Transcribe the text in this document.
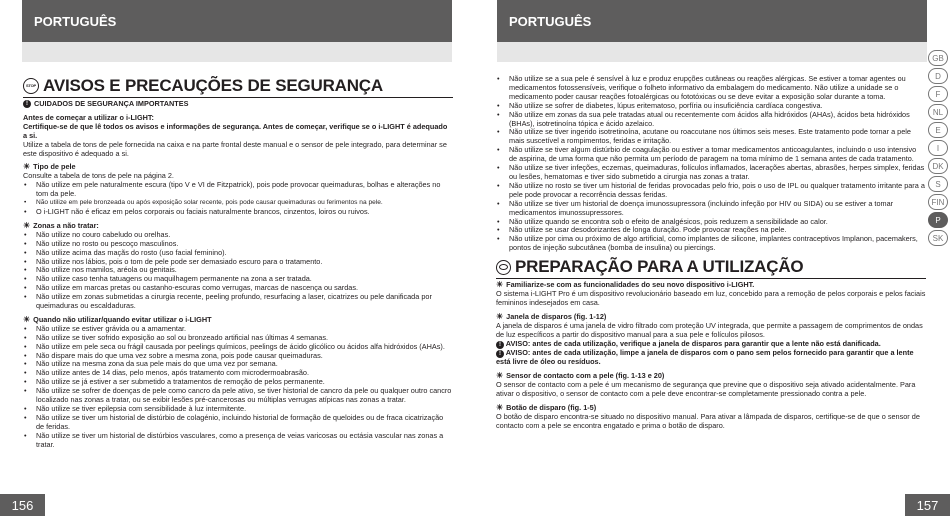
PORTUGUÊS
STOP AVISOS E PRECAUÇÕES DE SEGURANÇA
! CUIDADOS DE SEGURANÇA IMPORTANTES
Antes de começar a utilizar o i-LIGHT:
Certifique-se de que lê todos os avisos e informações de segurança. Antes de começar, verifique se o i-LIGHT é adequado a si.
Utilize a tabela de tons de pele fornecida na caixa e na parte frontal deste manual e o sensor de pele integrado, para determinar se este dispositivo é adequado a si.
☀ Tipo de pele
Consulte a tabela de tons de pele na página 2.
• Não utilize em pele naturalmente escura (tipo V e VI de Fitzpatrick), pois pode provocar queimaduras, bolhas e alterações no tom da pele.
• Não utilize em pele bronzeada ou após exposição solar recente, pois pode causar queimaduras ou ferimentos na pele.
• O i-LIGHT não é eficaz em pelos corporais ou faciais naturalmente brancos, cinzentos, loiros ou ruivos.
☀ Zonas a não tratar:
• Não utilize no couro cabeludo ou orelhas.
• Não utilize no rosto ou pescoço masculinos.
• Não utilize acima das maçãs do rosto (uso facial feminino).
• Não utilize nos lábios, pois o tom de pele pode ser demasiado escuro para o tratamento.
• Não utilize nos mamilos, aréola ou genitais.
• Não utilize caso tenha tatuagens ou maquilhagem permanente na zona a ser tratada.
• Não utilize em marcas pretas ou castanho-escuras como verrugas, marcas de nascença ou sardas.
• Não utilize em zonas submetidas a cirurgia recente, peeling profundo, resurfacing a laser, cicatrizes ou pele danificada por queimaduras ou escaldaduras.
☀ Quando não utilizar/quando evitar utilizar o i-LIGHT
• Não utilize se estiver grávida ou a amamentar.
• Não utilize se tiver sofrido exposição ao sol ou bronzeado artificial nas últimas 4 semanas.
• Não utilize em pele seca ou frágil causada por peelings químicos, peelings de ácido glicólico ou ácidos alfa hidróxidos (AHAs).
• Não dispare mais do que uma vez sobre a mesma zona, pois pode causar queimaduras.
• Não utilize na mesma zona da sua pele mais do que uma vez por semana.
• Não utilize antes de 14 dias, pelo menos, após tratamento com microdermoabrasão.
• Não utilize se já estiver a ser submetido a tratamentos de remoção de pelos permanente.
• Não utilize se sofrer de doenças de pele como cancro da pele ativo, se tiver historial de cancro da pele ou qualquer outro cancro localizado nas zonas a tratar, ou se exibir lesões pré-cancerosas ou múltiplas verrugas atípicas nas zonas a tratar.
• Não utilize se tiver epilepsia com sensibilidade à luz intermitente.
• Não utilize se tiver um historial de distúrbio de colagénio, incluindo historial de formação de queloides ou de fraca cicatrização de feridas.
• Não utilize se tiver um historial de distúrbios vasculares, como a presença de veias varicosas ou ectásia vascular nas zonas a tratar.
156
PORTUGUÊS
• Não utilize se a sua pele é sensível à luz e produz erupções cutâneas ou reações alérgicas. Se estiver a tomar agentes ou medicamentos fotossensíveis, verifique o folheto informativo da embalagem do medicamento. Não utilize a unidade se o medicamento poder causar reações fotoalérgicas ou fototóxicas ou se deve evitar a exposição solar durante a toma.
• Não utilize se sofrer de diabetes, lúpus eritematoso, porfíria ou insuficiência cardíaca congestiva.
• Não utilize em zonas da sua pele tratadas atual ou recentemente com ácidos alfa hidróxidos (AHAs), ácidos beta hidróxidos (BHAs), isotretinoína tópica e ácido azelaico.
• Não utilize se tiver ingerido isotretinoína, acutane ou roaccutane nos últimos seis meses. Este tratamento pode tornar a pele mais suscetível a rompimentos, feridas e irritação.
• Não utilize se tiver algum distúrbio de coagulação ou estiver a tomar medicamentos anticoagulantes, incluindo o uso intensivo de aspirina, de uma forma que não permita um período de paragem na toma mínimo de 1 semana antes de cada tratamento.
• Não utilize se tiver infeções, eczemas, queimaduras, folículos inflamados, lacerações abertas, abrasões, herpes simplex, feridas ou lesões, hematomas e tiver sido submetido a cirurgia nas zonas a tratar.
• Não utilize no rosto se tiver um historial de feridas provocadas pelo frio, pois o uso de IPL ou qualquer tratamento irritante para a pele pode provocar a recorrência dessas feridas.
• Não utilize se tiver um historial de doença imunossupressora (incluindo infeção por HIV ou SIDA) ou se estiver a tomar medicamentos imunossupressores.
• Não utilize quando se encontra sob o efeito de analgésicos, pois reduzem a sensibilidade ao calor.
• Não utilize se usar desodorizantes de longa duração. Pode provocar reações na pele.
• Não utilize por cima ou próximo de algo artificial, como implantes de silicone, implantes contraceptivos Implanon, pacemakers, pontos de injeção subcutânea (bomba de insulina) ou piercings.
PREPARAÇÃO PARA A UTILIZAÇÃO
☀ Familiarize-se com as funcionalidades do seu novo dispositivo i-LIGHT.
O sistema i-LIGHT Pro é um dispositivo revolucionário baseado em luz, concebido para a remoção de pelos corporais e pelos faciais femininos indesejados em casa.
☀ Janela de disparos (fig. 1-12)
A janela de disparos é uma janela de vidro filtrado com proteção UV integrada, que permite a passagem de comprimentos de ondas de luz específicos a partir do dispositivo manual para a sua pele e folículos pilosos.
! AVISO: antes de cada utilização, verifique a janela de disparos para garantir que a lente não está danificada.
! AVISO: antes de cada utilização, limpe a janela de disparos com o pano sem pelos fornecido para garantir que a lente está livre de óleo ou resíduos.
☀ Sensor de contacto com a pele (fig. 1-13 e 20)
O sensor de contacto com a pele é um mecanismo de segurança que previne que o dispositivo seja ativado acidentalmente. Para ativar o dispositivo, o sensor de contacto com a pele deve encontrar-se completamente pressionado contra a pele.
☀ Botão de disparo (fig. 1-5)
O botão de disparo encontra-se situado no dispositivo manual. Para ativar a lâmpada de disparos, certifique-se de que o sensor de contacto com a pele se encontra engatado e prima o botão de disparo.
GB
D
F
NL
E
I
DK
S
FIN
P
SK
157
